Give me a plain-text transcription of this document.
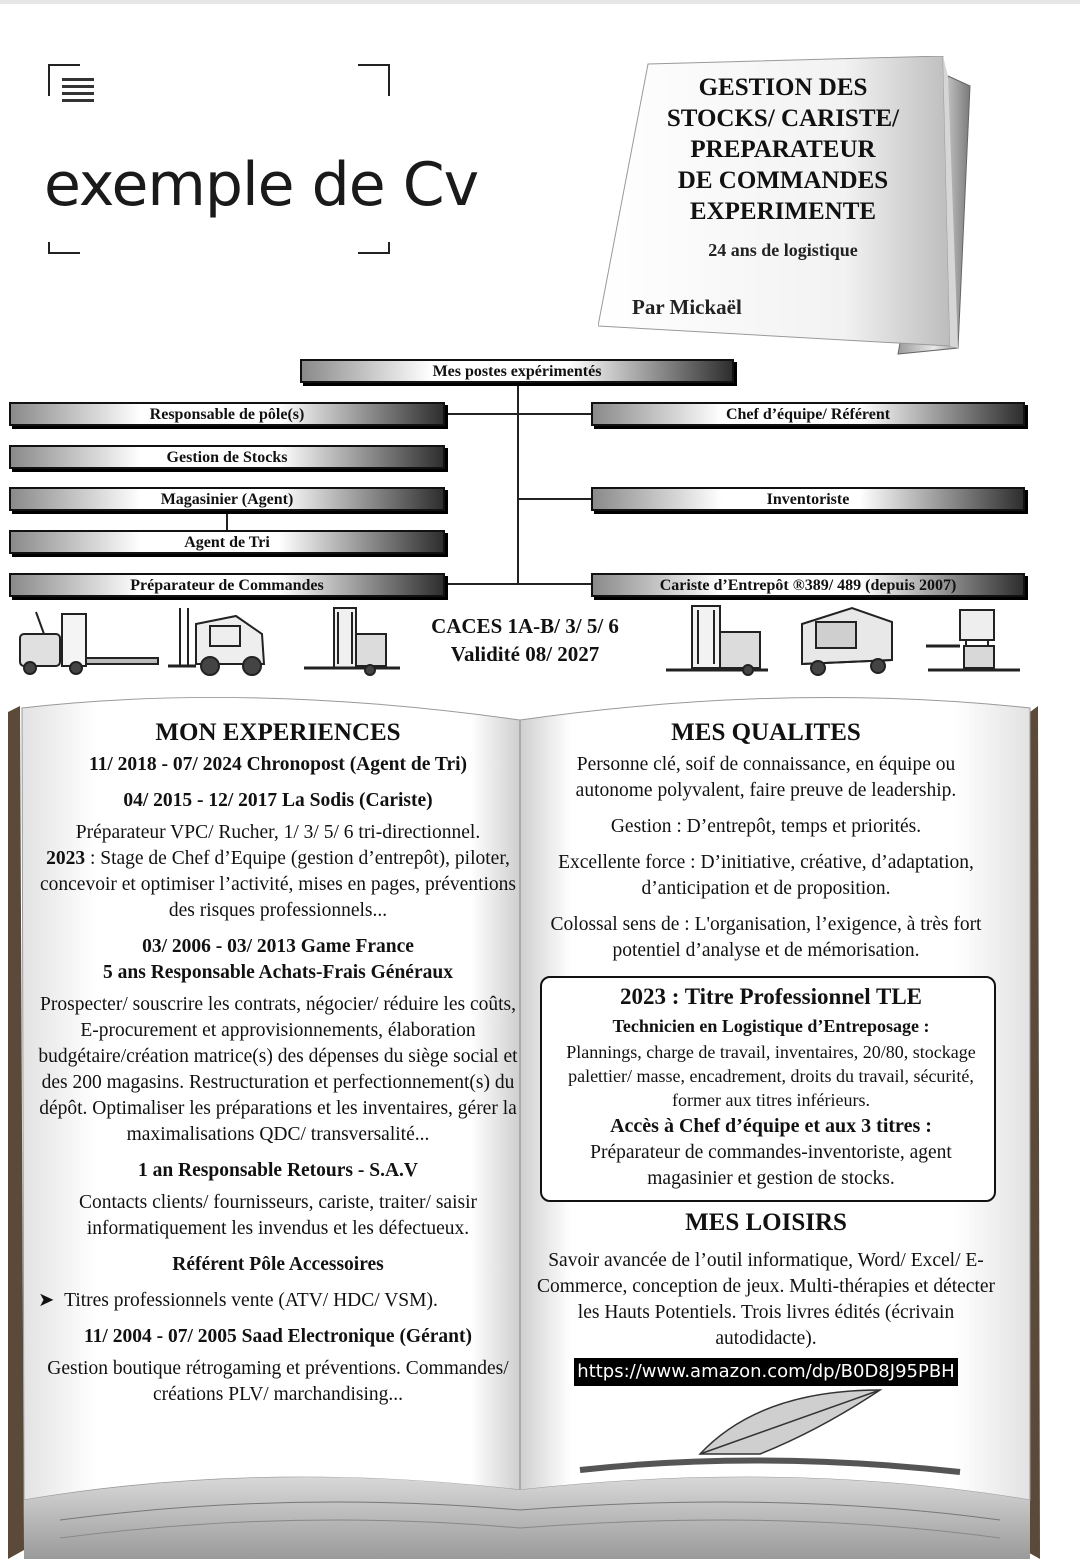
exemple de Cv
GESTION DES
STOCKS/ CARISTE/
PREPARATEUR
DE COMMANDES
EXPERIMENTE
24 ans de logistique
Par Mickaël
Mes postes expérimentés
Responsable de pôle(s)
Gestion de Stocks
Magasinier (Agent)
Agent de Tri
Préparateur de Commandes
Chef d’équipe/ Référent
Inventoriste
Cariste d’Entrepôt ®389/ 489 (depuis 2007)
CACES 1A-B/ 3/ 5/ 6
Validité 08/ 2027
MON EXPERIENCES

11/ 2018 - 07/ 2024 Chronopost (Agent de Tri)

04/ 2015 - 12/ 2017 La Sodis (Cariste)

Préparateur VPC/ Rucher, 1/ 3/ 5/ 6 tri-directionnel.

2023 : Stage de Chef d’Equipe (gestion d’entrepôt), piloter, concevoir et optimiser l’activité, mises en pages, préventions des risques professionnels...

03/ 2006 - 03/ 2013 Game France

5 ans Responsable Achats-Frais Généraux

Prospecter/ souscrire les contrats, négocier/ réduire les coûts, E-procurement et approvisionnements, élaboration budgétaire/création matrice(s) des dépenses du siège social et des 200 magasins. Restructuration et perfectionnement(s) du dépôt. Optimaliser les préparations et les inventaires, gérer la maximalisations QDC/ transversalité...

1 an Responsable Retours - S.A.V

Contacts clients/ fournisseurs, cariste, traiter/ saisir informatiquement les invendus et les défectueux.

Référent Pôle Accessoires

➤  Titres professionnels vente (ATV/ HDC/ VSM).

11/ 2004 - 07/ 2005 Saad Electronique (Gérant)

Gestion boutique rétrogaming et préventions. Commandes/ créations PLV/ marchandising...

MES QUALITES

Personne clé, soif de connaissance, en équipe ou autonome polyvalent, faire preuve de leadership.

Gestion : D’entrepôt, temps et priorités.

Excellente force : D’initiative, créative, d’adaptation, d’anticipation et de proposition.

Colossal sens de : L'organisation, l’exigence, à très fort potentiel d’analyse et de mémorisation.

2023 : Titre Professionnel TLE
Technicien en Logistique d’Entreposage :

Plannings, charge de travail, inventaires, 20/80, stockage palettier/ masse, encadrement, droits du travail, sécurité, former aux titres inférieurs.

Accès à Chef d’équipe et aux 3 titres :

Préparateur de commandes-inventoriste, agent magasinier et gestion de stocks.

MES LOISIRS

Savoir avancée de l’outil informatique, Word/ Excel/ E-Commerce, conception de jeux. Multi-thérapies et détecter les Hauts Potentiels. Trois livres édités (écrivain autodidacte).

https://www.amazon.com/dp/B0D8J95PBH
